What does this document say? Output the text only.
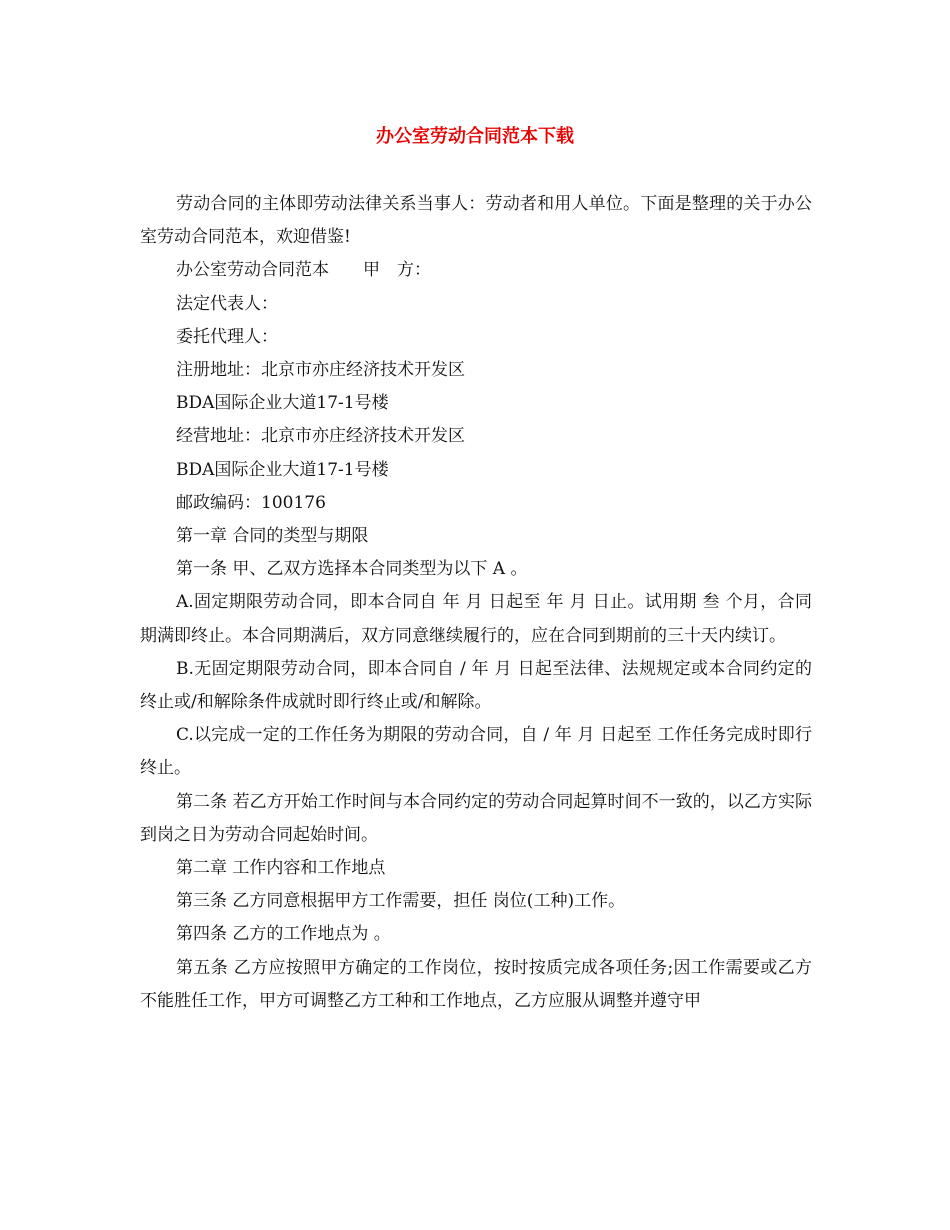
办公室劳动合同范本下载

劳动合同的主体即劳动法律关系当事人：劳动者和用人单位。下面是整理的关于办公室劳动合同范本，欢迎借鉴!

办公室劳动合同范本　　甲　方：

法定代表人：

委托代理人：

注册地址：北京市亦庄经济技术开发区

BDA国际企业大道17-1号楼

经营地址：北京市亦庄经济技术开发区

BDA国际企业大道17-1号楼

邮政编码：100176

第一章 合同的类型与期限

第一条 甲、乙双方选择本合同类型为以下 A 。

A.固定期限劳动合同，即本合同自 年 月 日起至 年 月 日止。试用期 叁 个月，合同期满即终止。本合同期满后，双方同意继续履行的，应在合同到期前的三十天内续订。

B.无固定期限劳动合同，即本合同自 / 年 月 日起至法律、法规规定或本合同约定的终止或/和解除条件成就时即行终止或/和解除。

C.以完成一定的工作任务为期限的劳动合同，自 / 年 月 日起至 工作任务完成时即行终止。

第二条 若乙方开始工作时间与本合同约定的劳动合同起算时间不一致的，以乙方实际到岗之日为劳动合同起始时间。

第二章 工作内容和工作地点

第三条 乙方同意根据甲方工作需要，担任 岗位(工种)工作。

第四条 乙方的工作地点为 。

第五条 乙方应按照甲方确定的工作岗位，按时按质完成各项任务;因工作需要或乙方不能胜任工作，甲方可调整乙方工种和工作地点，乙方应服从调整并遵守甲
